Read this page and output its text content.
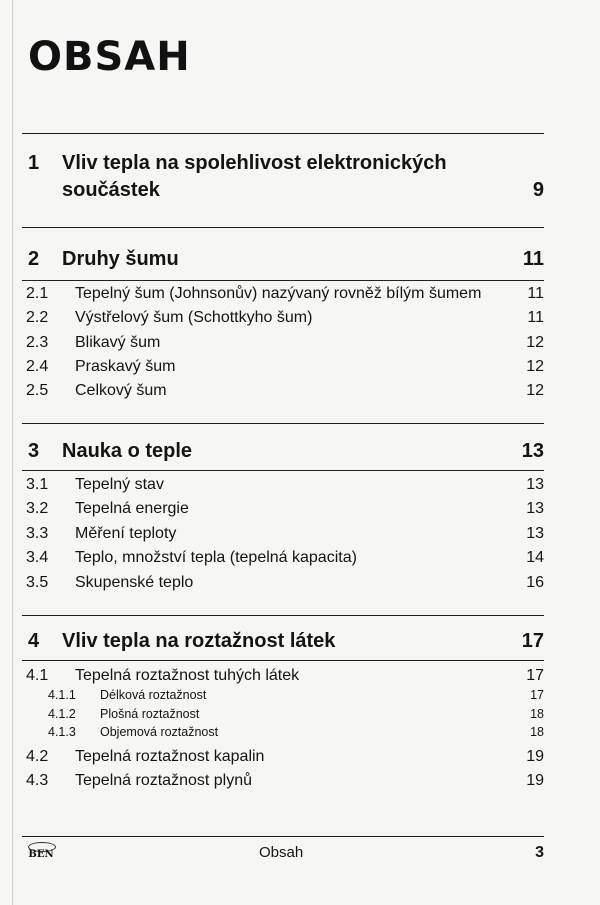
OBSAH
1 Vliv tepla na spolehlivost elektronických součástek	9
2 Druhy šumu	11
2.1 Tepelný šum (Johnsonův) nazývaný rovněž bílým šumem	11
2.2 Výstřelový šum (Schottkyho šum)	11
2.3 Blikavý šum	12
2.4 Praskavý šum	12
2.5 Celkový šum	12
3 Nauka o teple	13
3.1 Tepelný stav	13
3.2 Tepelná energie	13
3.3 Měření teploty	13
3.4 Teplo, množství tepla (tepelná kapacita)	14
3.5 Skupenské teplo	16
4 Vliv tepla na roztažnost látek	17
4.1 Tepelná roztažnost tuhých látek	17
4.1.1 Délková roztažnost	17
4.1.2 Plošná roztažnost	18
4.1.3 Objemová roztažnost	18
4.2 Tepelná roztažnost kapalin	19
4.3 Tepelná roztažnost plynů	19
BEN	Obsah	3
